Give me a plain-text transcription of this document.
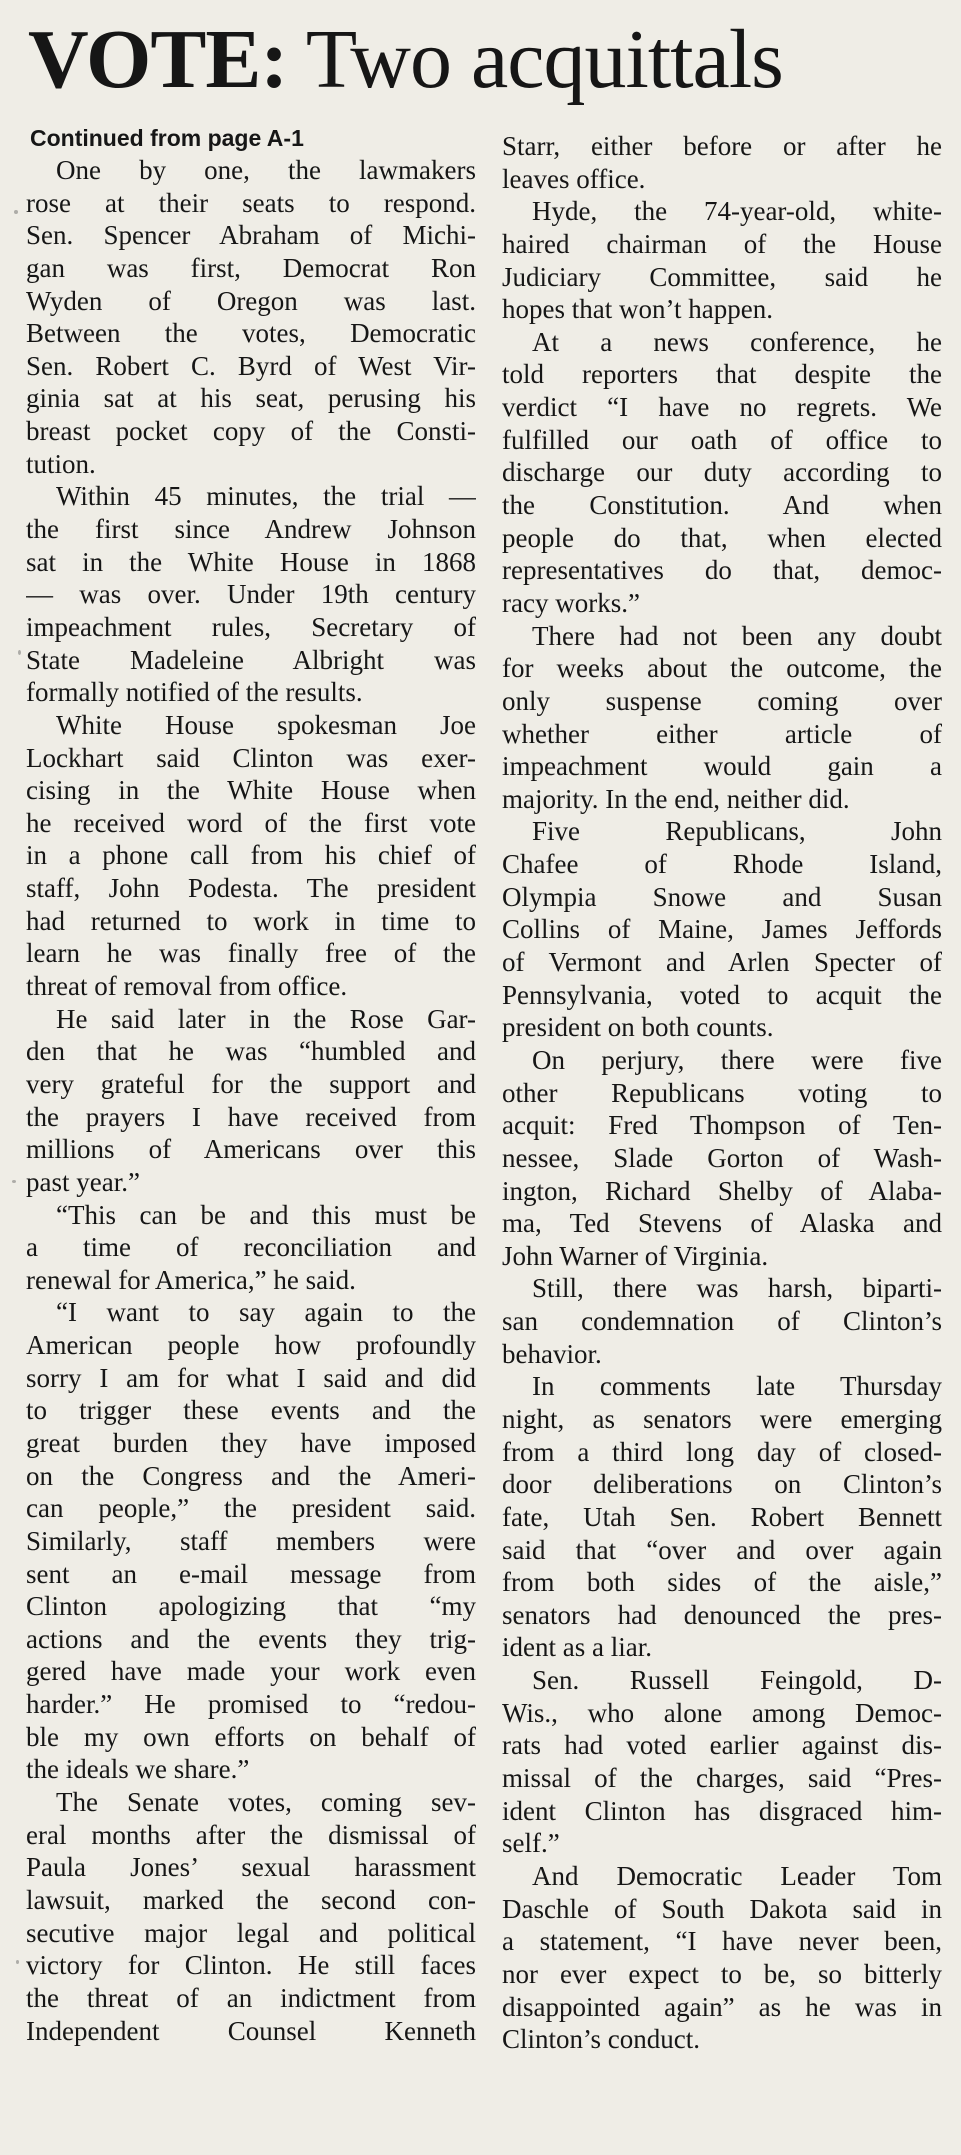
VOTE: Two acquittals
Continued from page A-1
One by one, the lawmakers
rose at their seats to respond.
Sen. Spencer Abraham of Michi-
gan was first, Democrat Ron
Wyden of Oregon was last.
Between the votes, Democratic
Sen. Robert C. Byrd of West Vir-
ginia sat at his seat, perusing his
breast pocket copy of the Consti-
tution.
Within 45 minutes, the trial —
the first since Andrew Johnson
sat in the White House in 1868
— was over. Under 19th century
impeachment rules, Secretary of
State Madeleine Albright was
formally notified of the results.
White House spokesman Joe
Lockhart said Clinton was exer-
cising in the White House when
he received word of the first vote
in a phone call from his chief of
staff, John Podesta. The president
had returned to work in time to
learn he was finally free of the
threat of removal from office.
He said later in the Rose Gar-
den that he was “humbled and
very grateful for the support and
the prayers I have received from
millions of Americans over this
past year.”
“This can be and this must be
a time of reconciliation and
renewal for America,” he said.
“I want to say again to the
American people how profoundly
sorry I am for what I said and did
to trigger these events and the
great burden they have imposed
on the Congress and the Ameri-
can people,” the president said.
Similarly, staff members were
sent an e-mail message from
Clinton apologizing that “my
actions and the events they trig-
gered have made your work even
harder.” He promised to “redou-
ble my own efforts on behalf of
the ideals we share.”
The Senate votes, coming sev-
eral months after the dismissal of
Paula Jones’ sexual harassment
lawsuit, marked the second con-
secutive major legal and political
victory for Clinton. He still faces
the threat of an indictment from
Independent Counsel Kenneth
Starr, either before or after he
leaves office.
Hyde, the 74-year-old, white-
haired chairman of the House
Judiciary Committee, said he
hopes that won’t happen.
At a news conference, he
told reporters that despite the
verdict “I have no regrets. We
fulfilled our oath of office to
discharge our duty according to
the Constitution. And when
people do that, when elected
representatives do that, democ-
racy works.”
There had not been any doubt
for weeks about the outcome, the
only suspense coming over
whether either article of
impeachment would gain a
majority. In the end, neither did.
Five Republicans, John
Chafee of Rhode Island,
Olympia Snowe and Susan
Collins of Maine, James Jeffords
of Vermont and Arlen Specter of
Pennsylvania, voted to acquit the
president on both counts.
On perjury, there were five
other Republicans voting to
acquit: Fred Thompson of Ten-
nessee, Slade Gorton of Wash-
ington, Richard Shelby of Alaba-
ma, Ted Stevens of Alaska and
John Warner of Virginia.
Still, there was harsh, biparti-
san condemnation of Clinton’s
behavior.
In comments late Thursday
night, as senators were emerging
from a third long day of closed-
door deliberations on Clinton’s
fate, Utah Sen. Robert Bennett
said that “over and over again
from both sides of the aisle,”
senators had denounced the pres-
ident as a liar.
Sen. Russell Feingold, D-
Wis., who alone among Democ-
rats had voted earlier against dis-
missal of the charges, said “Pres-
ident Clinton has disgraced him-
self.”
And Democratic Leader Tom
Daschle of South Dakota said in
a statement, “I have never been,
nor ever expect to be, so bitterly
disappointed again” as he was in
Clinton’s conduct.
